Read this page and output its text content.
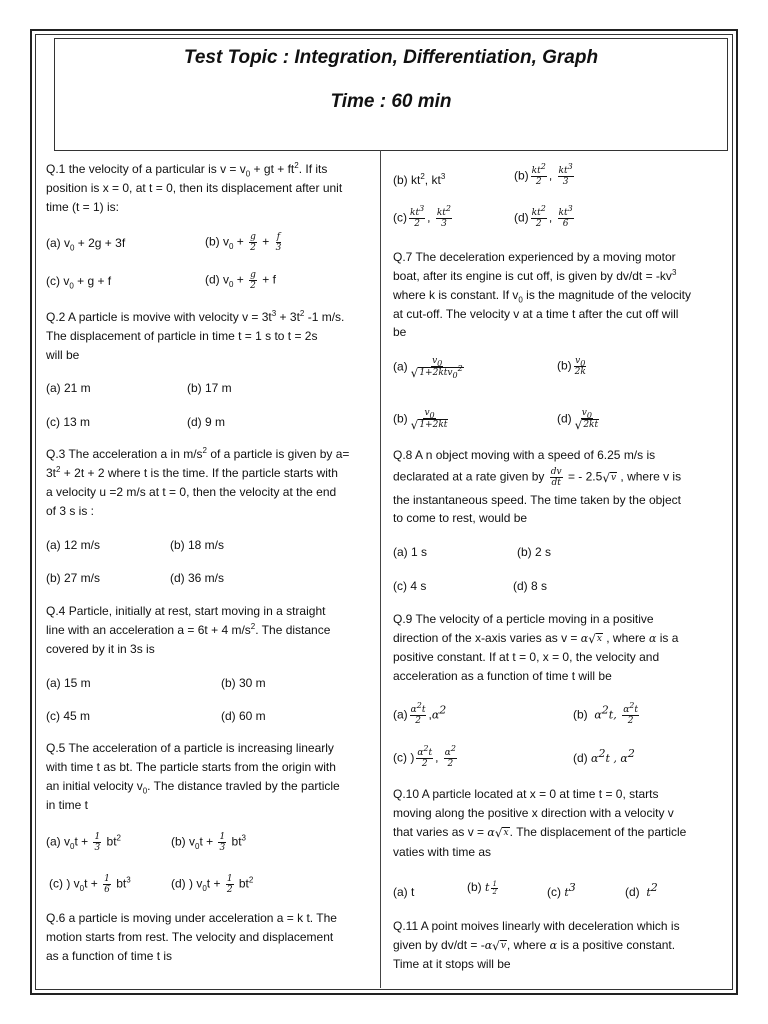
Test Topic : Integration, Differentiation, Graph
Time : 60 min
Q.1 the velocity of a particular is $v = v_0$ + gt + $ft^2$. If its
position is x = 0, at t = 0, then its displacement after unit
time (t = 1) is:
(a) $v_0 + 2g + 3f$	(b) $v_0 + \frac{g}{2} + \frac{f}{3}$
(c) $v_0 + g + f$	(d) $v_0 + \frac{g}{2} + f$
Q.2 A particle is movive with velocity $v = 3t^3 + 3t^2$ -1 m/s.
The displacement of particle in time t = 1 s to t = 2s
will be
(a) 21 m	(b) 17 m
(c) 13 m	(d) 9 m
Q.3 The acceleration a in $m/s^2$ of a particle is given by a=
$3t^2 + 2t + 2$ where t is the time. If the particle starts with
a velocity u =2 m/s at t = 0, then the velocity at the end
of 3 s is :
(a) 12 m/s	(b) 18 m/s
(b) 27 m/s	(d) 36 m/s
Q.4 Particle, initially at rest, start moving in a straight
line with an acceleration a = 6t + 4 $m/s^2$. The distance
covered by it in 3s is
(a) 15 m	(b) 30 m
(c) 45 m	(d) 60 m
Q.5 The acceleration of a particle is increasing linearly
with time t as bt. The particle starts from the origin with
an initial velocity $v_0$. The distance travled by the particle
in time t
(a) $v_0t + \frac{1}{3} bt^2$	(b) $v_0t + \frac{1}{3} bt^3$
(c) ) $v_0t + \frac{1}{6} bt^3$	(d) ) $v_0t + \frac{1}{2} bt^2$
Q.6 a particle is moving under acceleration a = k t. The
motion starts from rest. The velocity and displacement
as a function of time t is
(b) $kt^2$, $kt^3$	$(b) \frac{kt^2}{2}$ , $\frac{kt^3}{3}$
$(c) \frac{kt^3}{2}$ , $\frac{kt^2}{3}$	$(d) \frac{kt^2}{2}$ , $\frac{kt^3}{6}$
Q.7 The deceleration experienced by a moving motor
boat, after its engine is cut off, is given by $dv/dt = -kv^3$
where k is constant. If $v_0$ is the magnitude of the velocity
at cut-off. The velocity v at a time t after the cut off will
be
$(a) \frac{v_0}{√ 1+2ktv_0^2}$	$(b) \frac{v_0}{2k}$
$(b) \frac{v_0}{√ 1+2kt}$	$(d) \frac{v_0}{√ 2kt}$
Q.8 A n object moving with a speed of 6.25 m/s is
declarated at a rate given by $\frac{dv}{dt}$ = - 2.5 √ v , where v is
the instantaneous speed. The time taken by the object
to come to rest, would be
(a) 1 s	(b) 2 s
(c) 4 s	(d) 8 s
Q.9 The velocity of a perticle moving in a positive
direction of the x-axis varies as v = α √ x , where α is a
positive constant. If at t = 0, x = 0, the velocity and
acceleration as a function of time t will be
$(a) \frac{\alpha^2t}{2} ,\alpha^2$	(b) $\alpha^2t$, $\frac{\alpha^2t}{2}$
(c) ) $\frac{\alpha^2t}{2}$ , $\frac{\alpha^2}{2}$	(d) $\alpha^2t$ , $\alpha^2$
Q.10 A particle located at x = 0 at time t = 0, starts
moving along the positive x direction with a velocity v
that varies as v = α √ x . The displacement of the particle
vaties with time as
(a) t	(b) t $^{\frac{1}{2}}$	(c) $t^3$	(d) $t^2$
Q.11 A point moives linearly with deceleration which is
given by dv/dt = -α √ v , where α is a positive constant.
Time at it stops will be
